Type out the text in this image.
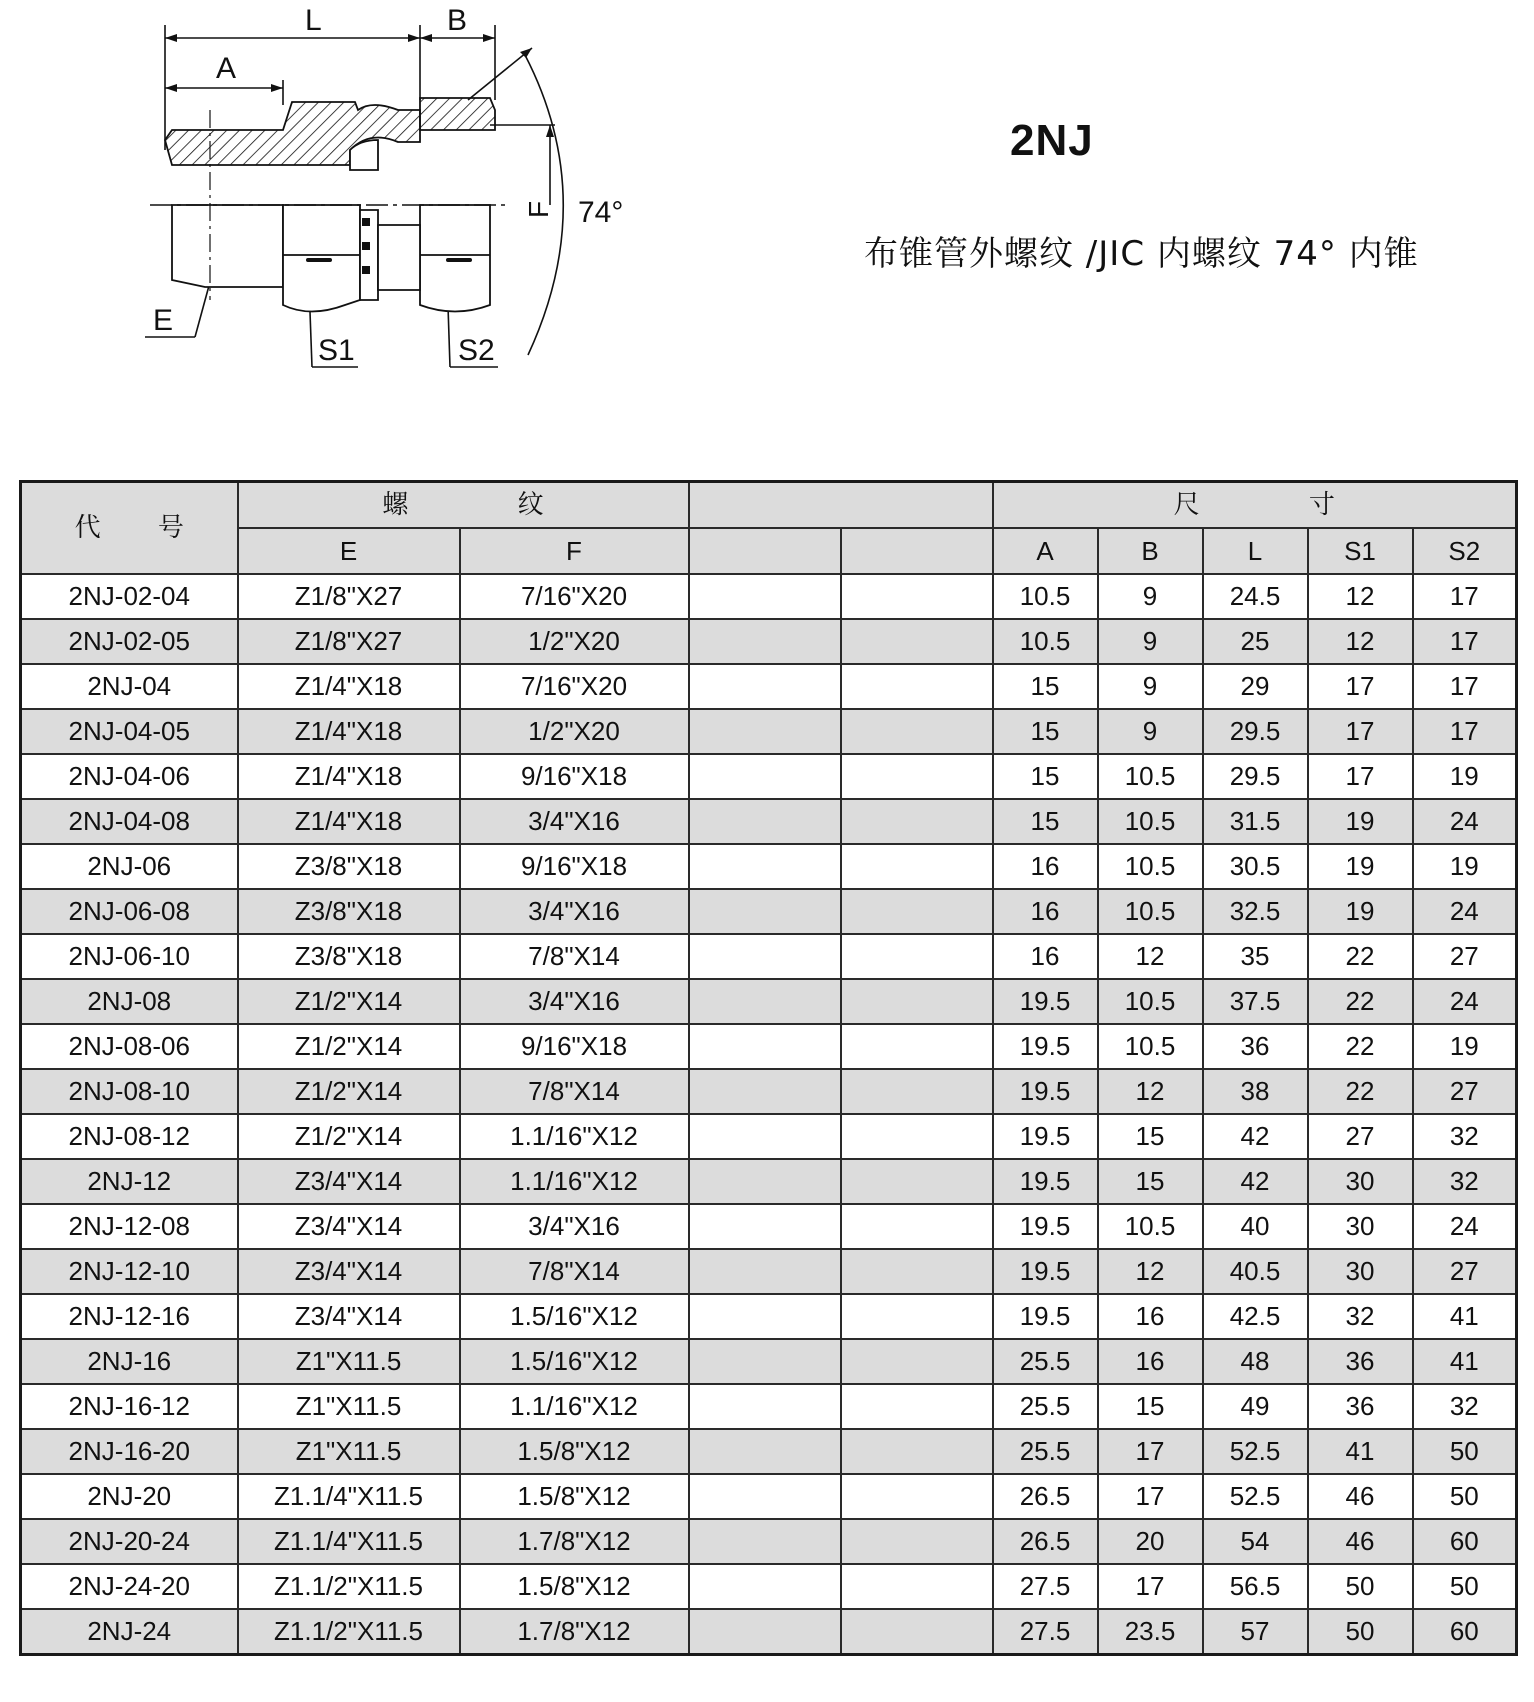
L	B
A
F 74°
E
S1	S2
2NJ
布锥管外螺纹 /JIC 内螺纹 74° 内锥
代 号	螺 纹				尺 寸				
	E	F			A	B	L	S1	S2
2NJ-02-04	Z1/8"X27	7/16"X20			10.5	9	24.5	12	17
2NJ-02-05	Z1/8"X27	1/2"X20			10.5	9	25	12	17
2NJ-04	Z1/4"X18	7/16"X20			15	9	29	17	17
2NJ-04-05	Z1/4"X18	1/2"X20			15	9	29.5	17	17
2NJ-04-06	Z1/4"X18	9/16"X18			15	10.5	29.5	17	19
2NJ-04-08	Z1/4"X18	3/4"X16			15	10.5	31.5	19	24
2NJ-06	Z3/8"X18	9/16"X18			16	10.5	30.5	19	19
2NJ-06-08	Z3/8"X18	3/4"X16			16	10.5	32.5	19	24
2NJ-06-10	Z3/8"X18	7/8"X14			16	12	35	22	27
2NJ-08	Z1/2"X14	3/4"X16			19.5	10.5	37.5	22	24
2NJ-08-06	Z1/2"X14	9/16"X18			19.5	10.5	36	22	19
2NJ-08-10	Z1/2"X14	7/8"X14			19.5	12	38	22	27
2NJ-08-12	Z1/2"X14	1.1/16"X12			19.5	15	42	27	32
2NJ-12	Z3/4"X14	1.1/16"X12			19.5	15	42	30	32
2NJ-12-08	Z3/4"X14	3/4"X16			19.5	10.5	40	30	24
2NJ-12-10	Z3/4"X14	7/8"X14			19.5	12	40.5	30	27
2NJ-12-16	Z3/4"X14	1.5/16"X12			19.5	16	42.5	32	41
2NJ-16	Z1"X11.5	1.5/16"X12			25.5	16	48	36	41
2NJ-16-12	Z1"X11.5	1.1/16"X12			25.5	15	49	36	32
2NJ-16-20	Z1"X11.5	1.5/8"X12			25.5	17	52.5	41	50
2NJ-20	Z1.1/4"X11.5	1.5/8"X12			26.5	17	52.5	46	50
2NJ-20-24	Z1.1/4"X11.5	1.7/8"X12			26.5	20	54	46	60
2NJ-24-20	Z1.1/2"X11.5	1.5/8"X12			27.5	17	56.5	50	50
2NJ-24	Z1.1/2"X11.5	1.7/8"X12			27.5	23.5	57	50	60
